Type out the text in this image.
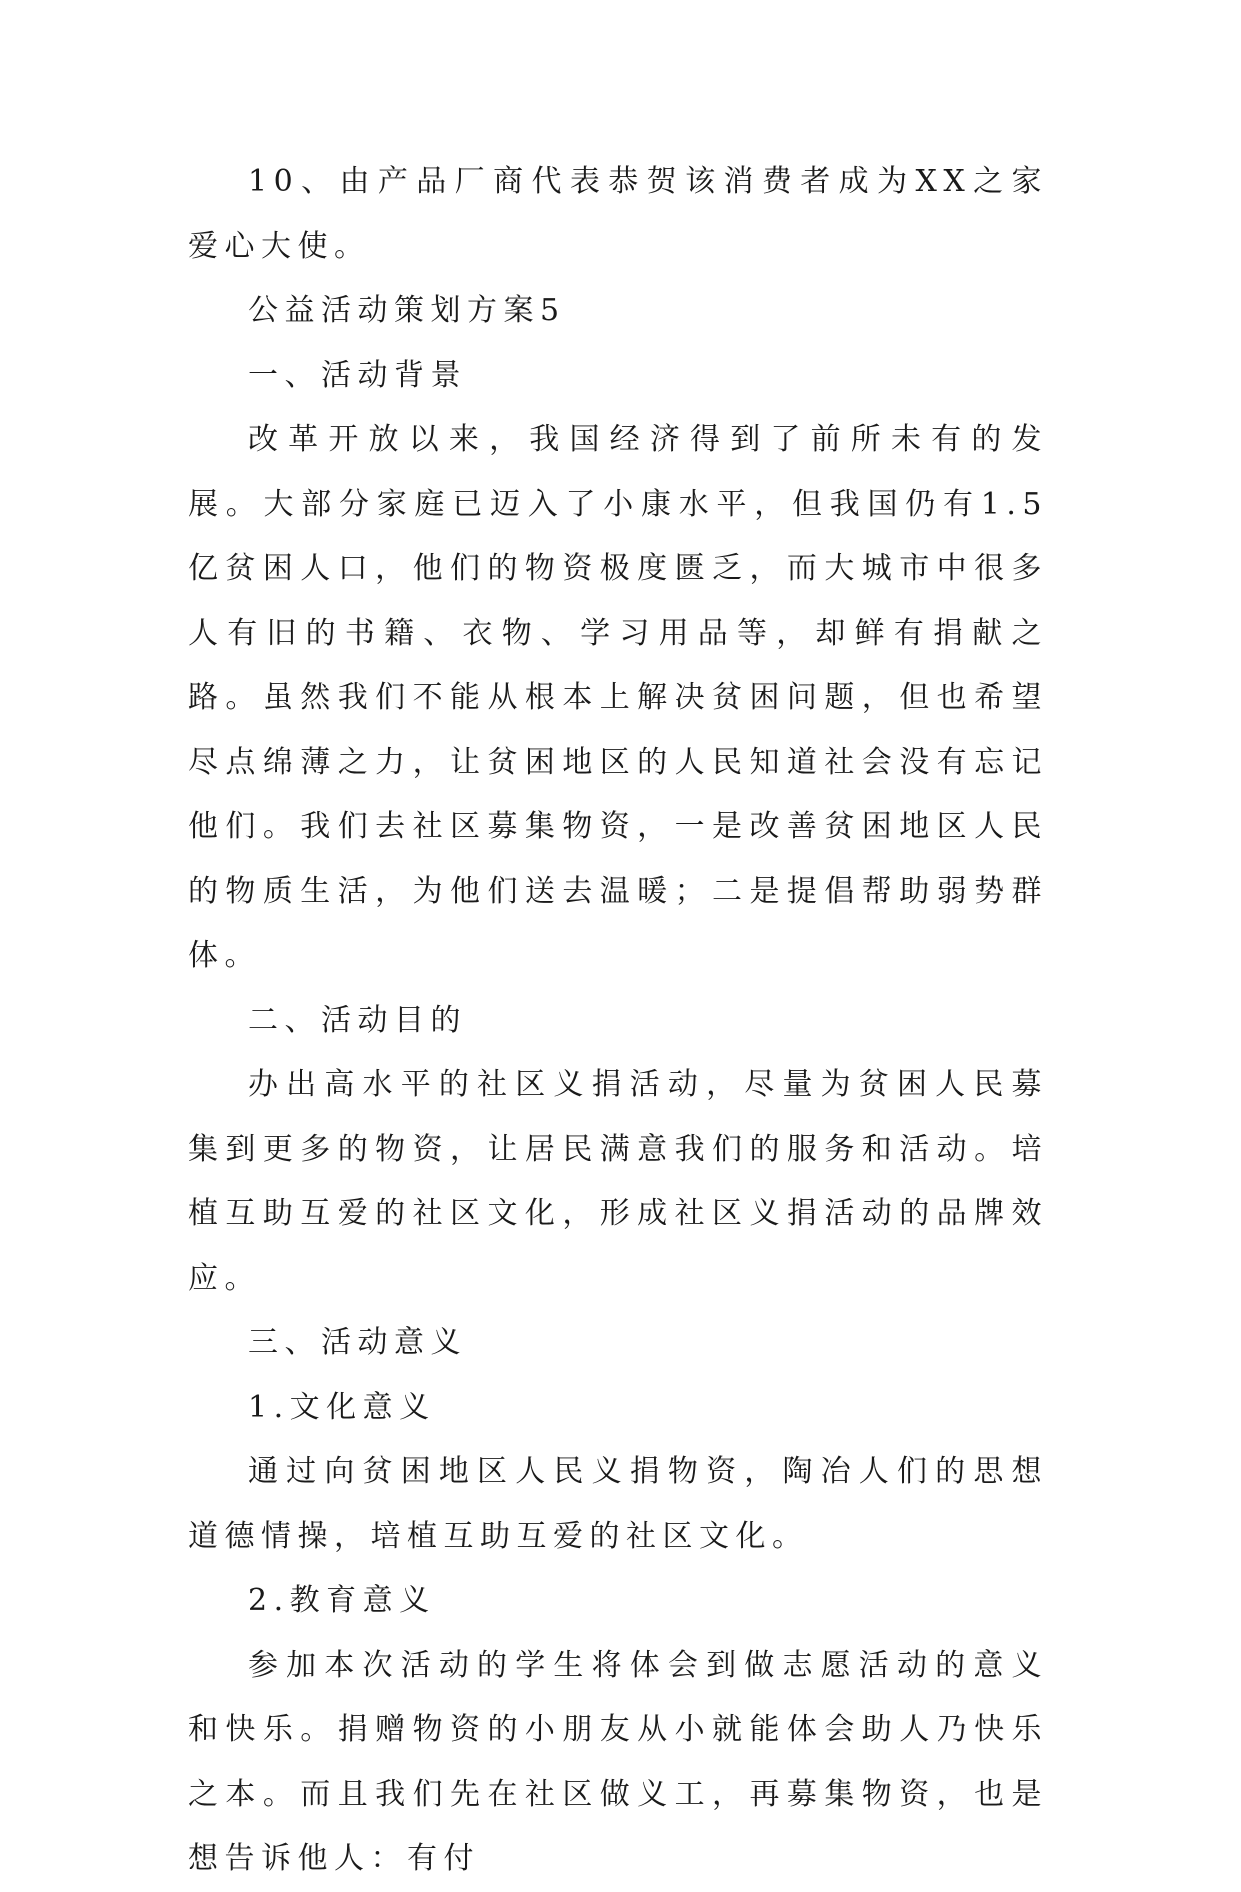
10、由产品厂商代表恭贺该消费者成为XX之家爱心大使。

公益活动策划方案5

一、活动背景

改革开放以来，我国经济得到了前所未有的发展。大部分家庭已迈入了小康水平，但我国仍有1.5亿贫困人口，他们的物资极度匮乏，而大城市中很多人有旧的书籍、衣物、学习用品等，却鲜有捐献之路。虽然我们不能从根本上解决贫困问题，但也希望尽点绵薄之力，让贫困地区的人民知道社会没有忘记他们。我们去社区募集物资，一是改善贫困地区人民的物质生活，为他们送去温暖；二是提倡帮助弱势群体。

二、活动目的

办出高水平的社区义捐活动，尽量为贫困人民募集到更多的物资，让居民满意我们的服务和活动。培植互助互爱的社区文化，形成社区义捐活动的品牌效应。

三、活动意义

1.文化意义

通过向贫困地区人民义捐物资，陶冶人们的思想道德情操，培植互助互爱的社区文化。

2.教育意义

参加本次活动的学生将体会到做志愿活动的意义和快乐。捐赠物资的小朋友从小就能体会助人乃快乐之本。而且我们先在社区做义工，再募集物资，也是想告诉他人：有付
